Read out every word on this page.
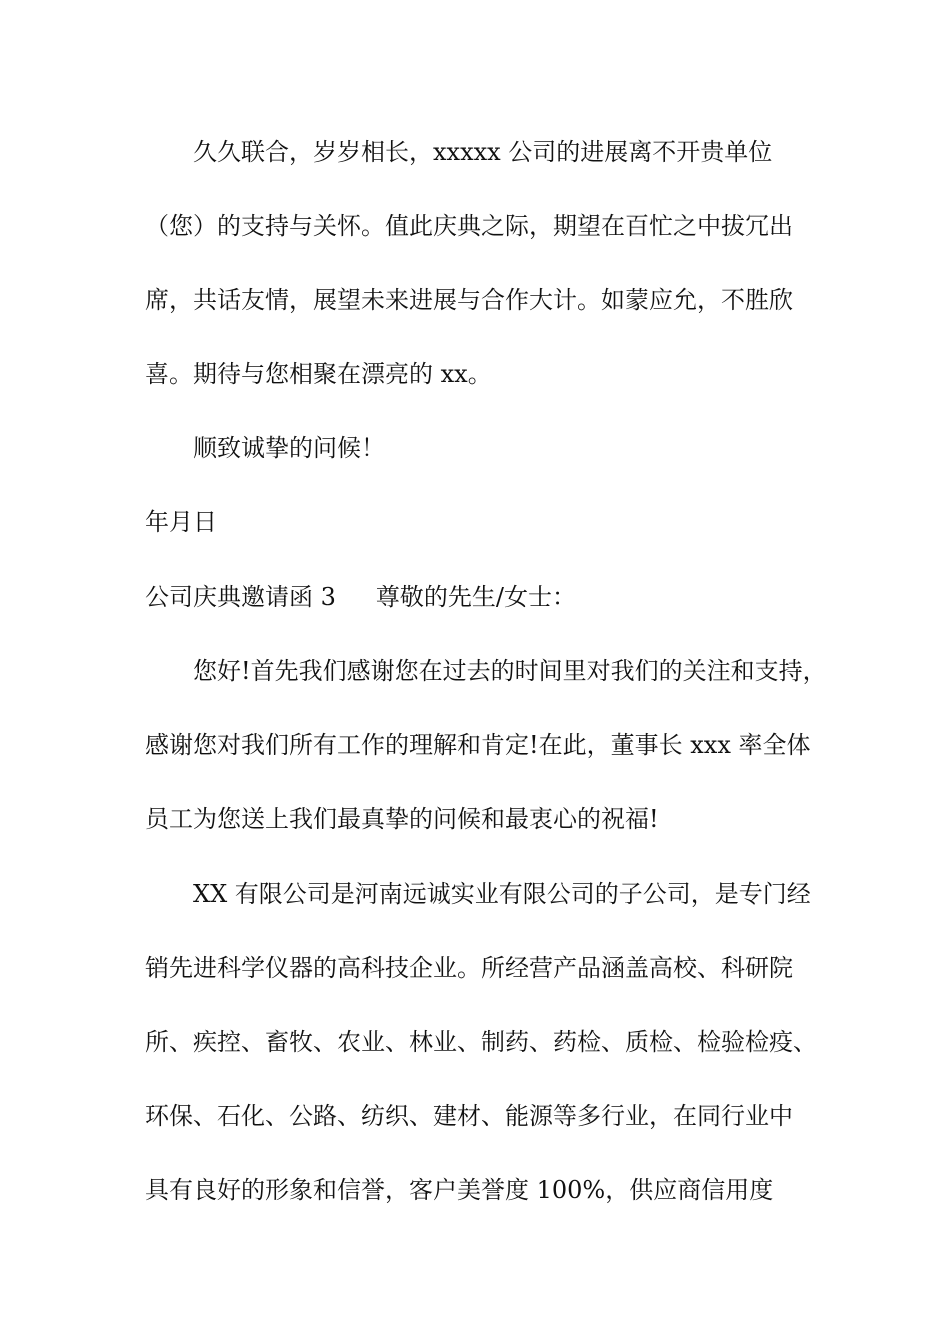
久久联合，岁岁相长，xxxxx 公司的进展离不开贵单位
（您）的支持与关怀。值此庆典之际，期望在百忙之中拔冗出
席，共话友情，展望未来进展与合作大计。如蒙应允，不胜欣
喜。期待与您相聚在漂亮的 xx。
顺致诚挚的问候！
年月日
公司庆典邀请函 3 尊敬的先生/女士：
您好!首先我们感谢您在过去的时间里对我们的关注和支持，
感谢您对我们所有工作的理解和肯定!在此，董事长 xxx 率全体
员工为您送上我们最真挚的问候和最衷心的祝福!
XX 有限公司是河南远诚实业有限公司的子公司，是专门经
销先进科学仪器的高科技企业。所经营产品涵盖高校、科研院
所、疾控、畜牧、农业、林业、制药、药检、质检、检验检疫、
环保、石化、公路、纺织、建材、能源等多行业，在同行业中
具有良好的形象和信誉，客户美誉度 100%，供应商信用度
